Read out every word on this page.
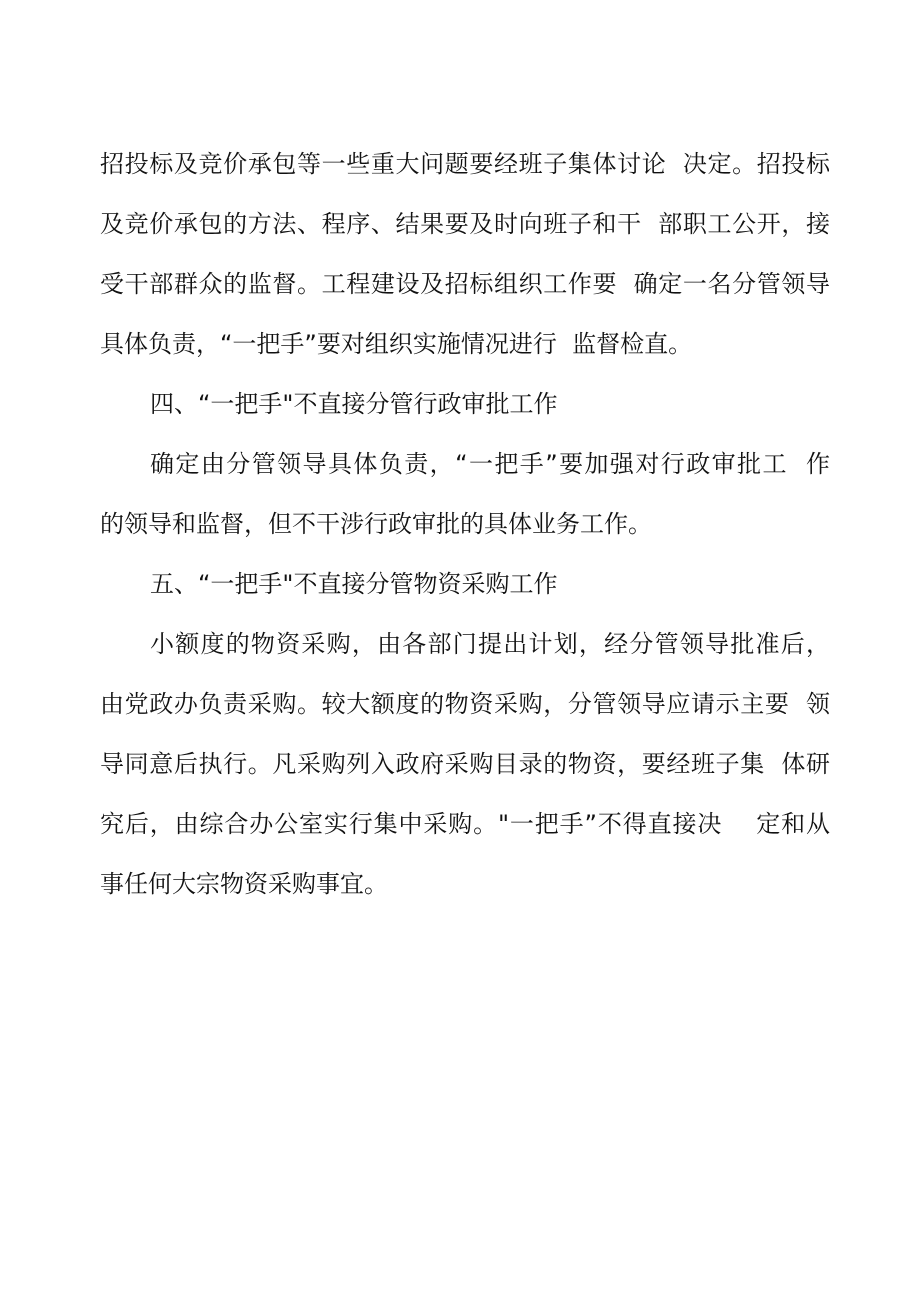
招投标及竞价承包等一些重大问题要经班子集体讨论  决定。招投标
及竞价承包的方法、程序、结果要及时向班子和干  部职工公开，接
受干部群众的监督。工程建设及招标组织工作要  确定一名分管领导
具体负责，“一把手”要对组织实施情况进行  监督检直。
四、“一把手"不直接分管行政审批工作
确定由分管领导具体负责，“一把手”要加强对行政审批工  作
的领导和监督，但不干涉行政审批的具体业务工作。
五、“一把手"不直接分管物资采购工作
小额度的物资采购，由各部门提出计划，经分管领导批准后，
由党政办负责采购。较大额度的物资采购，分管领导应请示主要  领
导同意后执行。凡采购列入政府采购目录的物资，要经班子集  体研
究后，由综合办公室实行集中采购。"一把手”不得直接决    定和从
事任何大宗物资采购事宜。
